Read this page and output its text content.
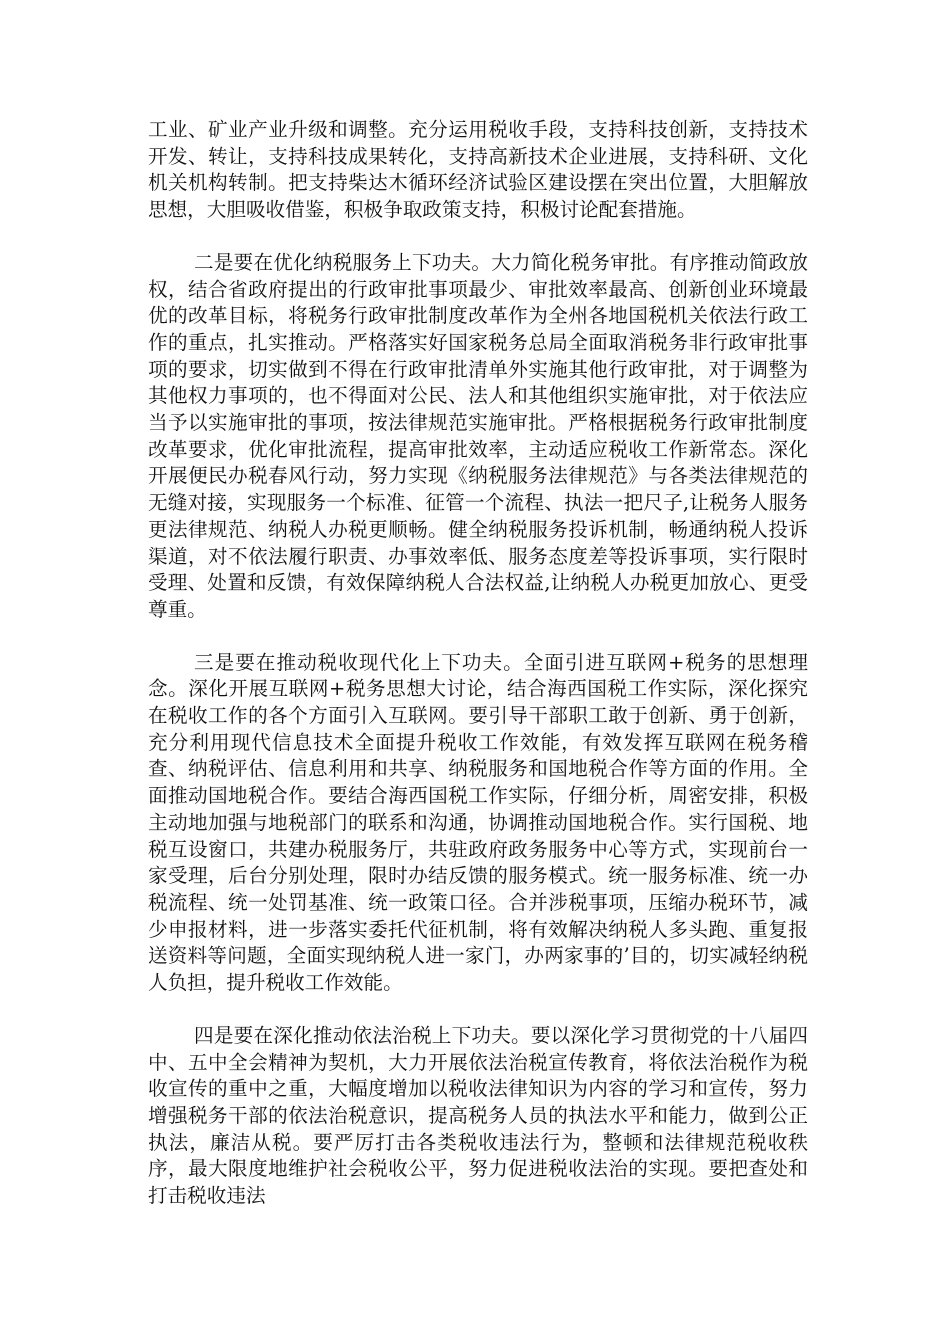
工业、矿业产业升级和调整。充分运用税收手段，支持科技创新，支持技术开发、转让，支持科技成果转化，支持高新技术企业进展，支持科研、文化机关机构转制。把支持柴达木循环经济试验区建设摆在突出位置，大胆解放思想，大胆吸收借鉴，积极争取政策支持，积极讨论配套措施。

二是要在优化纳税服务上下功夫。大力简化税务审批。有序推动简政放权，结合省政府提出的行政审批事项最少、审批效率最高、创新创业环境最优的改革目标，将税务行政审批制度改革作为全州各地国税机关依法行政工作的重点，扎实推动。严格落实好国家税务总局全面取消税务非行政审批事项的要求，切实做到不得在行政审批清单外实施其他行政审批，对于调整为其他权力事项的，也不得面对公民、法人和其他组织实施审批，对于依法应当予以实施审批的事项，按法律规范实施审批。严格根据税务行政审批制度改革要求，优化审批流程，提高审批效率，主动适应税收工作新常态。深化开展便民办税春风行动，努力实现《纳税服务法律规范》与各类法律规范的无缝对接，实现服务一个标准、征管一个流程、执法一把尺子,让税务人服务更法律规范、纳税人办税更顺畅。健全纳税服务投诉机制，畅通纳税人投诉渠道，对不依法履行职责、办事效率低、服务态度差等投诉事项，实行限时受理、处置和反馈，有效保障纳税人合法权益,让纳税人办税更加放心、更受尊重。

三是要在推动税收现代化上下功夫。全面引进互联网+税务的思想理念。深化开展互联网+税务思想大讨论，结合海西国税工作实际，深化探究在税收工作的各个方面引入互联网。要引导干部职工敢于创新、勇于创新，充分利用现代信息技术全面提升税收工作效能，有效发挥互联网在税务稽查、纳税评估、信息利用和共享、纳税服务和国地税合作等方面的作用。全面推动国地税合作。要结合海西国税工作实际，仔细分析，周密安排，积极主动地加强与地税部门的联系和沟通，协调推动国地税合作。实行国税、地税互设窗口，共建办税服务厅，共驻政府政务服务中心等方式，实现前台一家受理，后台分别处理，限时办结反馈的服务模式。统一服务标准、统一办税流程、统一处罚基准、统一政策口径。合并涉税事项，压缩办税环节，减少申报材料，进一步落实委托代征机制，将有效解决纳税人多头跑、重复报送资料等问题，全面实现纳税人进一家门，办两家事的’目的，切实减轻纳税人负担，提升税收工作效能。

四是要在深化推动依法治税上下功夫。要以深化学习贯彻党的十八届四中、五中全会精神为契机，大力开展依法治税宣传教育，将依法治税作为税收宣传的重中之重，大幅度增加以税收法律知识为内容的学习和宣传，努力增强税务干部的依法治税意识，提高税务人员的执法水平和能力，做到公正执法，廉洁从税。要严厉打击各类税收违法行为，整顿和法律规范税收秩序，最大限度地维护社会税收公平，努力促进税收法治的实现。要把查处和打击税收违法
